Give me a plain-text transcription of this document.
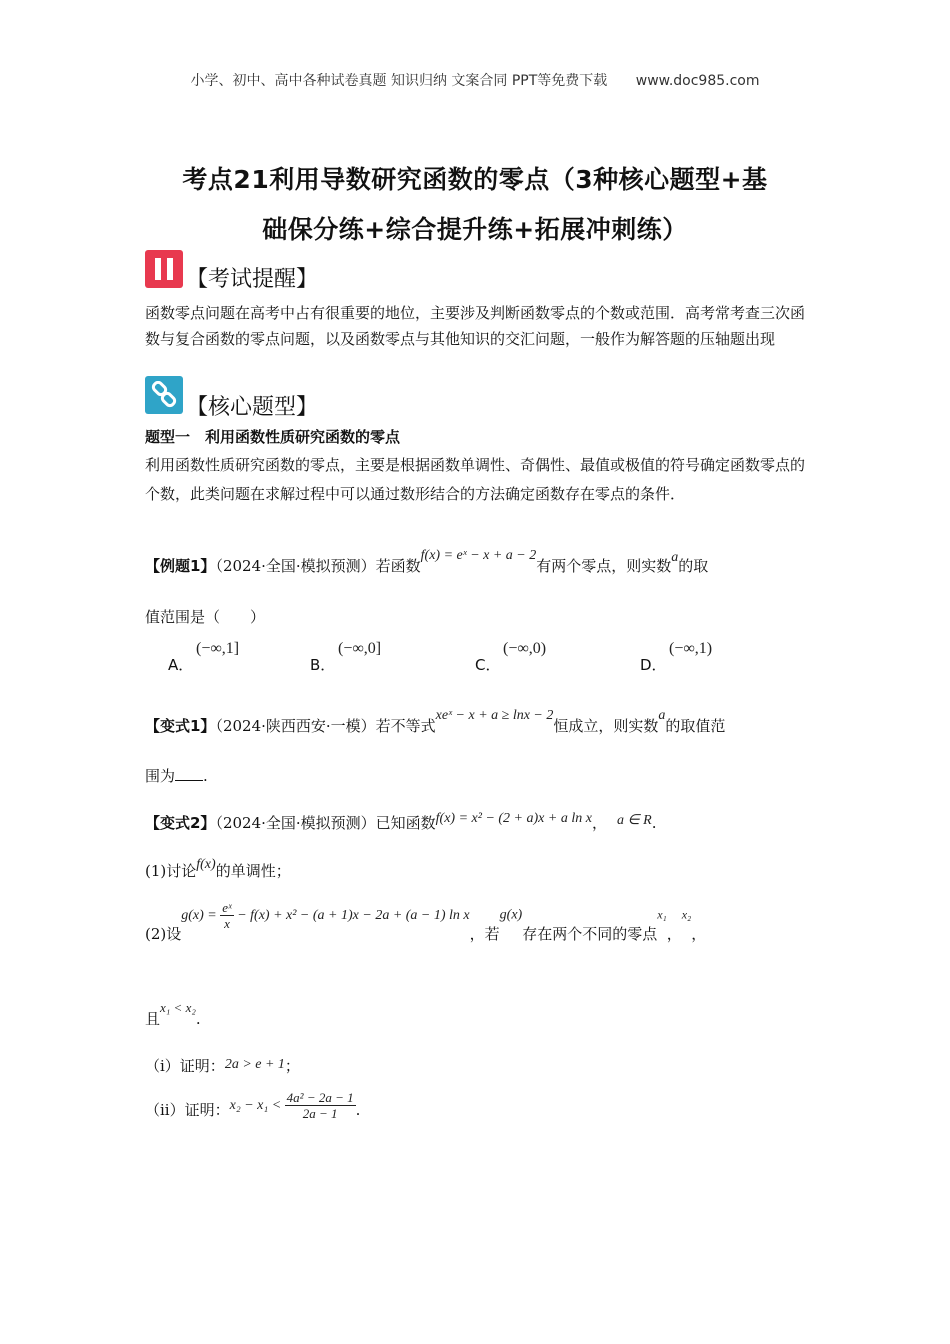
小学、初中、高中各种试卷真题 知识归纳 文案合同 PPT等免费下载 www.doc985.com
考点21利用导数研究函数的零点（3种核心题型+基
础保分练+综合提升练+拓展冲刺练）
【考试提醒】
函数零点问题在高考中占有很重要的地位，主要涉及判断函数零点的个数或范围．高考常考查三次函数与复合函数的零点问题，以及函数零点与其他知识的交汇问题，一般作为解答题的压轴题出现
【核心题型】
题型一　利用函数性质研究函数的零点
利用函数性质研究函数的零点，主要是根据函数单调性、奇偶性、最值或极值的符号确定函数零点的个数，此类问题在求解过程中可以通过数形结合的方法确定函数存在零点的条件．
【例题1】（2024·全国·模拟预测）若函数f(x) = eˣ − x + a − 2有两个零点，则实数a的取
值范围是（　　）
A．
(−∞,1]
B．
(−∞,0]
C．
(−∞,0)
D．
(−∞,1)
【变式1】（2024·陕西西安·一模）若不等式xeˣ − x + a ≥ lnx − 2恒成立，则实数a的取值范
围为 .
【变式2】（2024·全国·模拟预测）已知函数f(x) = x² − (2 + a)x + a ln x， a ∈ R.
(1)讨论f(x)的单调性；
(2)设$g(x) = \frac{\text{eˣ}}{x} - f(x) + x^2 - (a + 1)x - 2a + (a - 1)$ ln x，若g(x)存在两个不同的零点x₁，x₂，
且x₁ < x₂.
（i）证明：2a > e + 1；
（ii）证明：$x_2 - x_1 < \frac{\text{4a² − 2a − 1}}{2a - 1}$ .
